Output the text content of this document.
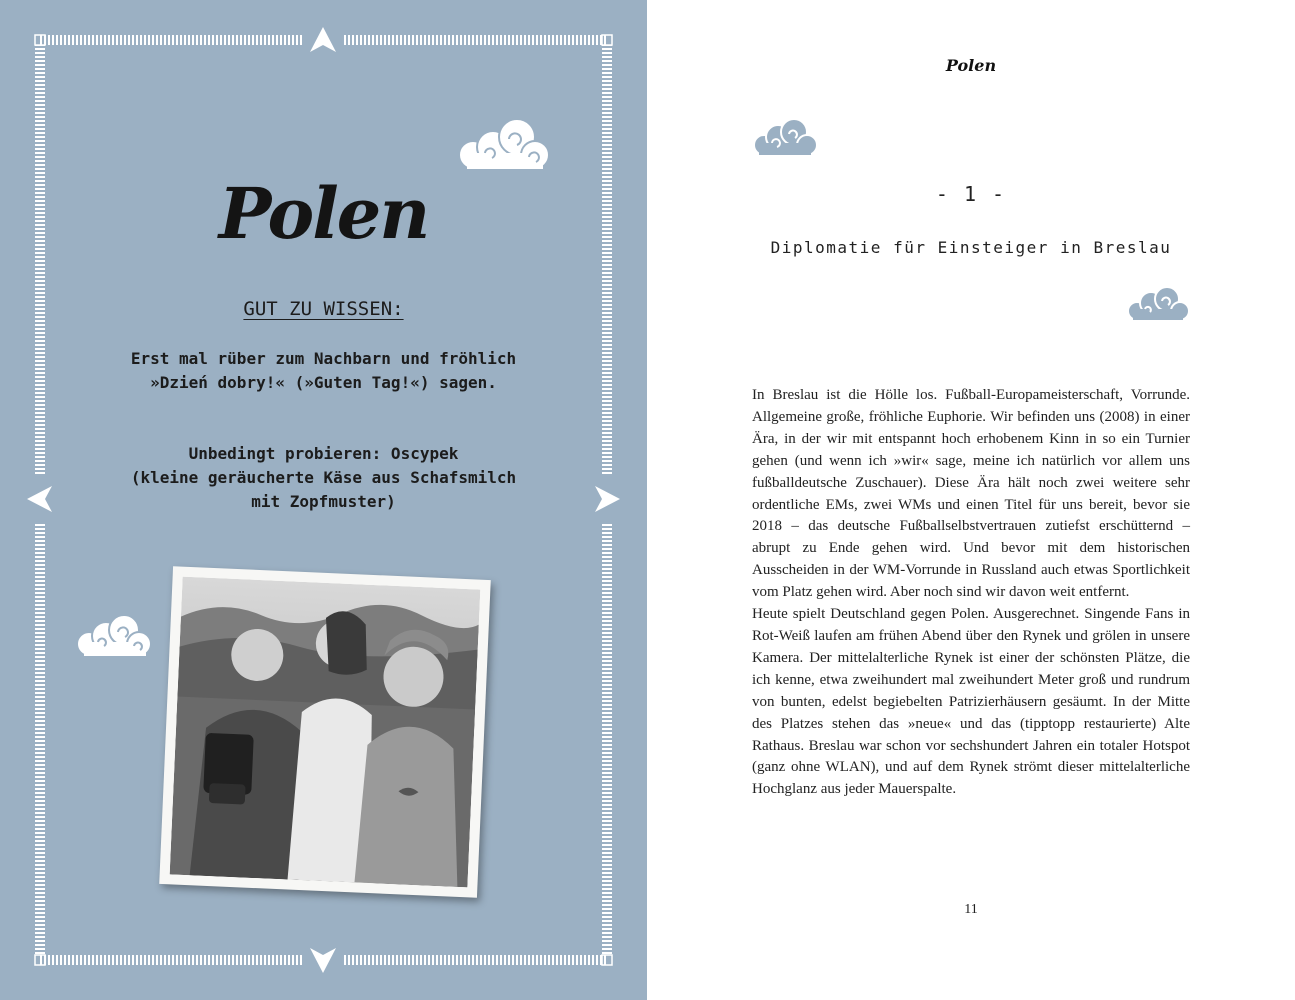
Polen
GUT ZU WISSEN:
Erst mal rüber zum Nachbarn und fröhlich
»Dzień dobry!« (»Guten Tag!«) sagen.
Unbedingt probieren: Oscypek
(kleine geräucherte Käse aus Schafsmilch
mit Zopfmuster)
Polen
- 1 -
Diplomatie für Einsteiger in Breslau

In Breslau ist die Hölle los. Fußball-Europameisterschaft, Vorrunde. Allgemeine große, fröhliche Euphorie. Wir befinden uns (2008) in einer Ära, in der wir mit entspannt hoch erhobenem Kinn in so ein Turnier gehen (und wenn ich »wir« sage, meine ich natürlich vor allem uns fußballdeutsche Zuschauer). Diese Ära hält noch zwei weitere sehr ordentliche EMs, zwei WMs und einen Titel für uns bereit, bevor sie 2018 – das deutsche Fußballselbstvertrauen zutiefst erschütternd – abrupt zu Ende gehen wird. Und bevor mit dem historischen Ausscheiden in der WM-Vorrunde in Russland auch etwas Sportlichkeit vom Platz gehen wird. Aber noch sind wir davon weit entfernt.

Heute spielt Deutschland gegen Polen. Ausgerechnet. Singende Fans in Rot-Weiß laufen am frühen Abend über den Rynek und grölen in unsere Kamera. Der mittelalterliche Rynek ist einer der schönsten Plätze, die ich kenne, etwa zweihundert mal zweihundert Meter groß und rundrum von bunten, edelst begiebelten Patrizierhäusern gesäumt. In der Mitte des Platzes stehen das »neue« und das (tipptopp restaurierte) Alte Rathaus. Breslau war schon vor sechshundert Jahren ein totaler Hotspot (ganz ohne WLAN), und auf dem Rynek strömt dieser mittelalterliche Hochglanz aus jeder Mauerspalte.

11
